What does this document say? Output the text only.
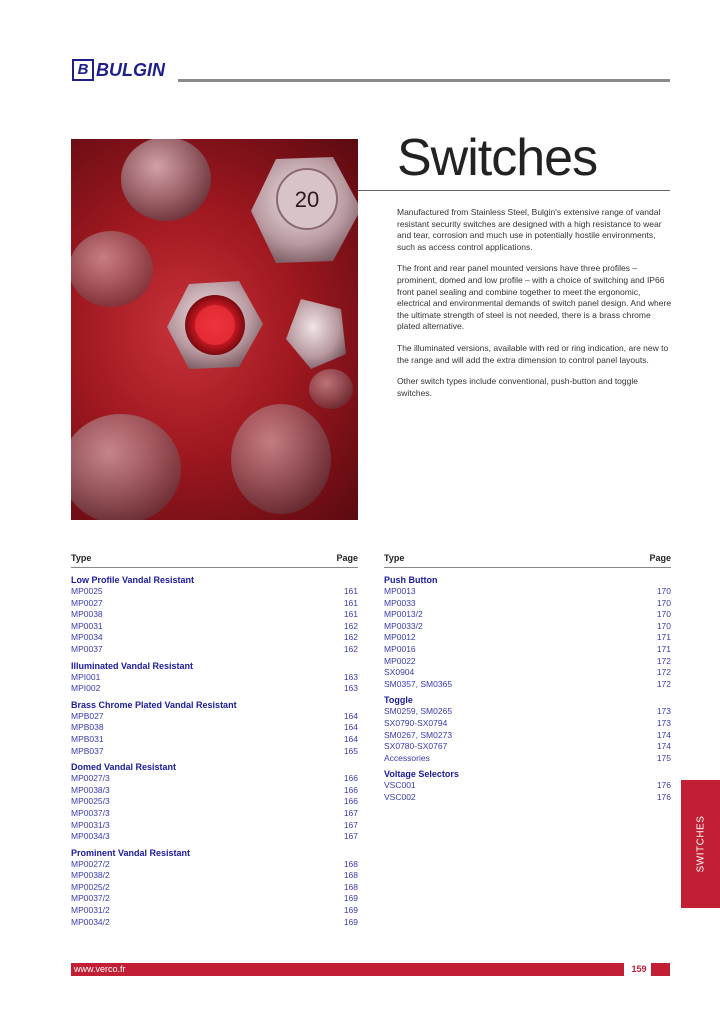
B BULGIN
20
Switches

Manufactured from Stainless Steel, Bulgin's extensive range of vandal resistant security switches are designed with a high resistance to wear and tear, corrosion and much use in potentially hostile environments, such as access control applications.

The front and rear panel mounted versions have three profiles – prominent, domed and low profile – with a choice of switching and IP66 front panel sealing and combine together to meet the ergonomic, electrical and environmental demands of switch panel design. And where the ultimate strength of steel is not needed, there is a brass chrome plated alternative.

The illuminated versions, available with red or ring indication, are new to the range and will add the extra dimension to control panel layouts.

Other switch types include conventional, push-button and toggle switches.

Type	Page
Low Profile Vandal Resistant
MP0025	161
MP0027	161
MP0038	161
MP0031	162
MP0034	162
MP0037	162
Illuminated Vandal Resistant
MPI001	163
MPI002	163
Brass Chrome Plated Vandal Resistant
MPB027	164
MPB038	164
MPB031	164
MPB037	165
Domed Vandal Resistant
MP0027/3	166
MP0038/3	166
MP0025/3	166
MP0037/3	167
MP0031/3	167
MP0034/3	167
Prominent Vandal Resistant
MP0027/2	168
MP0038/2	168
MP0025/2	168
MP0037/2	169
MP0031/2	169
MP0034/2	169
Type	Page
Push Button
MP0013	170
MP0033	170
MP0013/2	170
MP0033/2	170
MP0012	171
MP0016	171
MP0022	172
SX0904	172
SM0357, SM0365	172
Toggle
SM0259, SM0265	173
SX0790-SX0794	173
SM0267, SM0273	174
SX0780-SX0767	174
Accessories	175
Voltage Selectors
VSC001	176
VSC002	176
SWITCHES
www.verco.fr	159
